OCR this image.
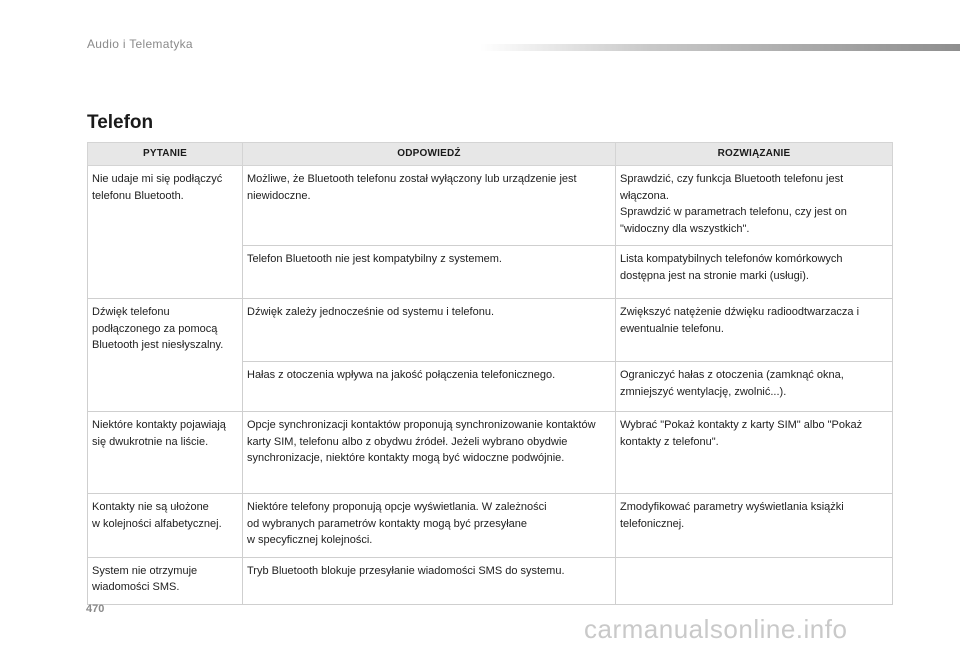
Audio i Telematyka
Telefon
PYTANIE	ODPOWIEDŹ	ROZWIĄZANIE
Nie udaje mi się podłączyć telefonu Bluetooth.	Możliwe, że Bluetooth telefonu został wyłączony lub urządzenie jest niewidoczne.	Sprawdzić, czy funkcja Bluetooth telefonu jest włączona.
Sprawdzić w parametrach telefonu, czy jest on "widoczny dla wszystkich".
	Telefon Bluetooth nie jest kompatybilny z systemem.	Lista kompatybilnych telefonów komórkowych dostępna jest na stronie marki (usługi).
Dźwięk telefonu podłączonego za pomocą Bluetooth jest niesłyszalny.	Dźwięk zależy jednocześnie od systemu i telefonu.	Zwiększyć natężenie dźwięku radioodtwarzacza i ewentualnie telefonu.
	Hałas z otoczenia wpływa na jakość połączenia telefonicznego.	Ograniczyć hałas z otoczenia (zamknąć okna, zmniejszyć wentylację, zwolnić...).
Niektóre kontakty pojawiają się dwukrotnie na liście.	Opcje synchronizacji kontaktów proponują synchronizowanie kontaktów karty SIM, telefonu albo z obydwu źródeł. Jeżeli wybrano obydwie synchronizacje, niektóre kontakty mogą być widoczne podwójnie.	Wybrać "Pokaż kontakty z karty SIM" albo "Pokaż kontakty z telefonu".
Kontakty nie są ułożone
w kolejności alfabetycznej.	Niektóre telefony proponują opcje wyświetlania. W zależności
od wybranych parametrów kontakty mogą być przesyłane
w specyficznej kolejności.	Zmodyfikować parametry wyświetlania książki telefonicznej.
System nie otrzymuje wiadomości SMS.	Tryb Bluetooth blokuje przesyłanie wiadomości SMS do systemu.	
470
carmanualsonline.info
